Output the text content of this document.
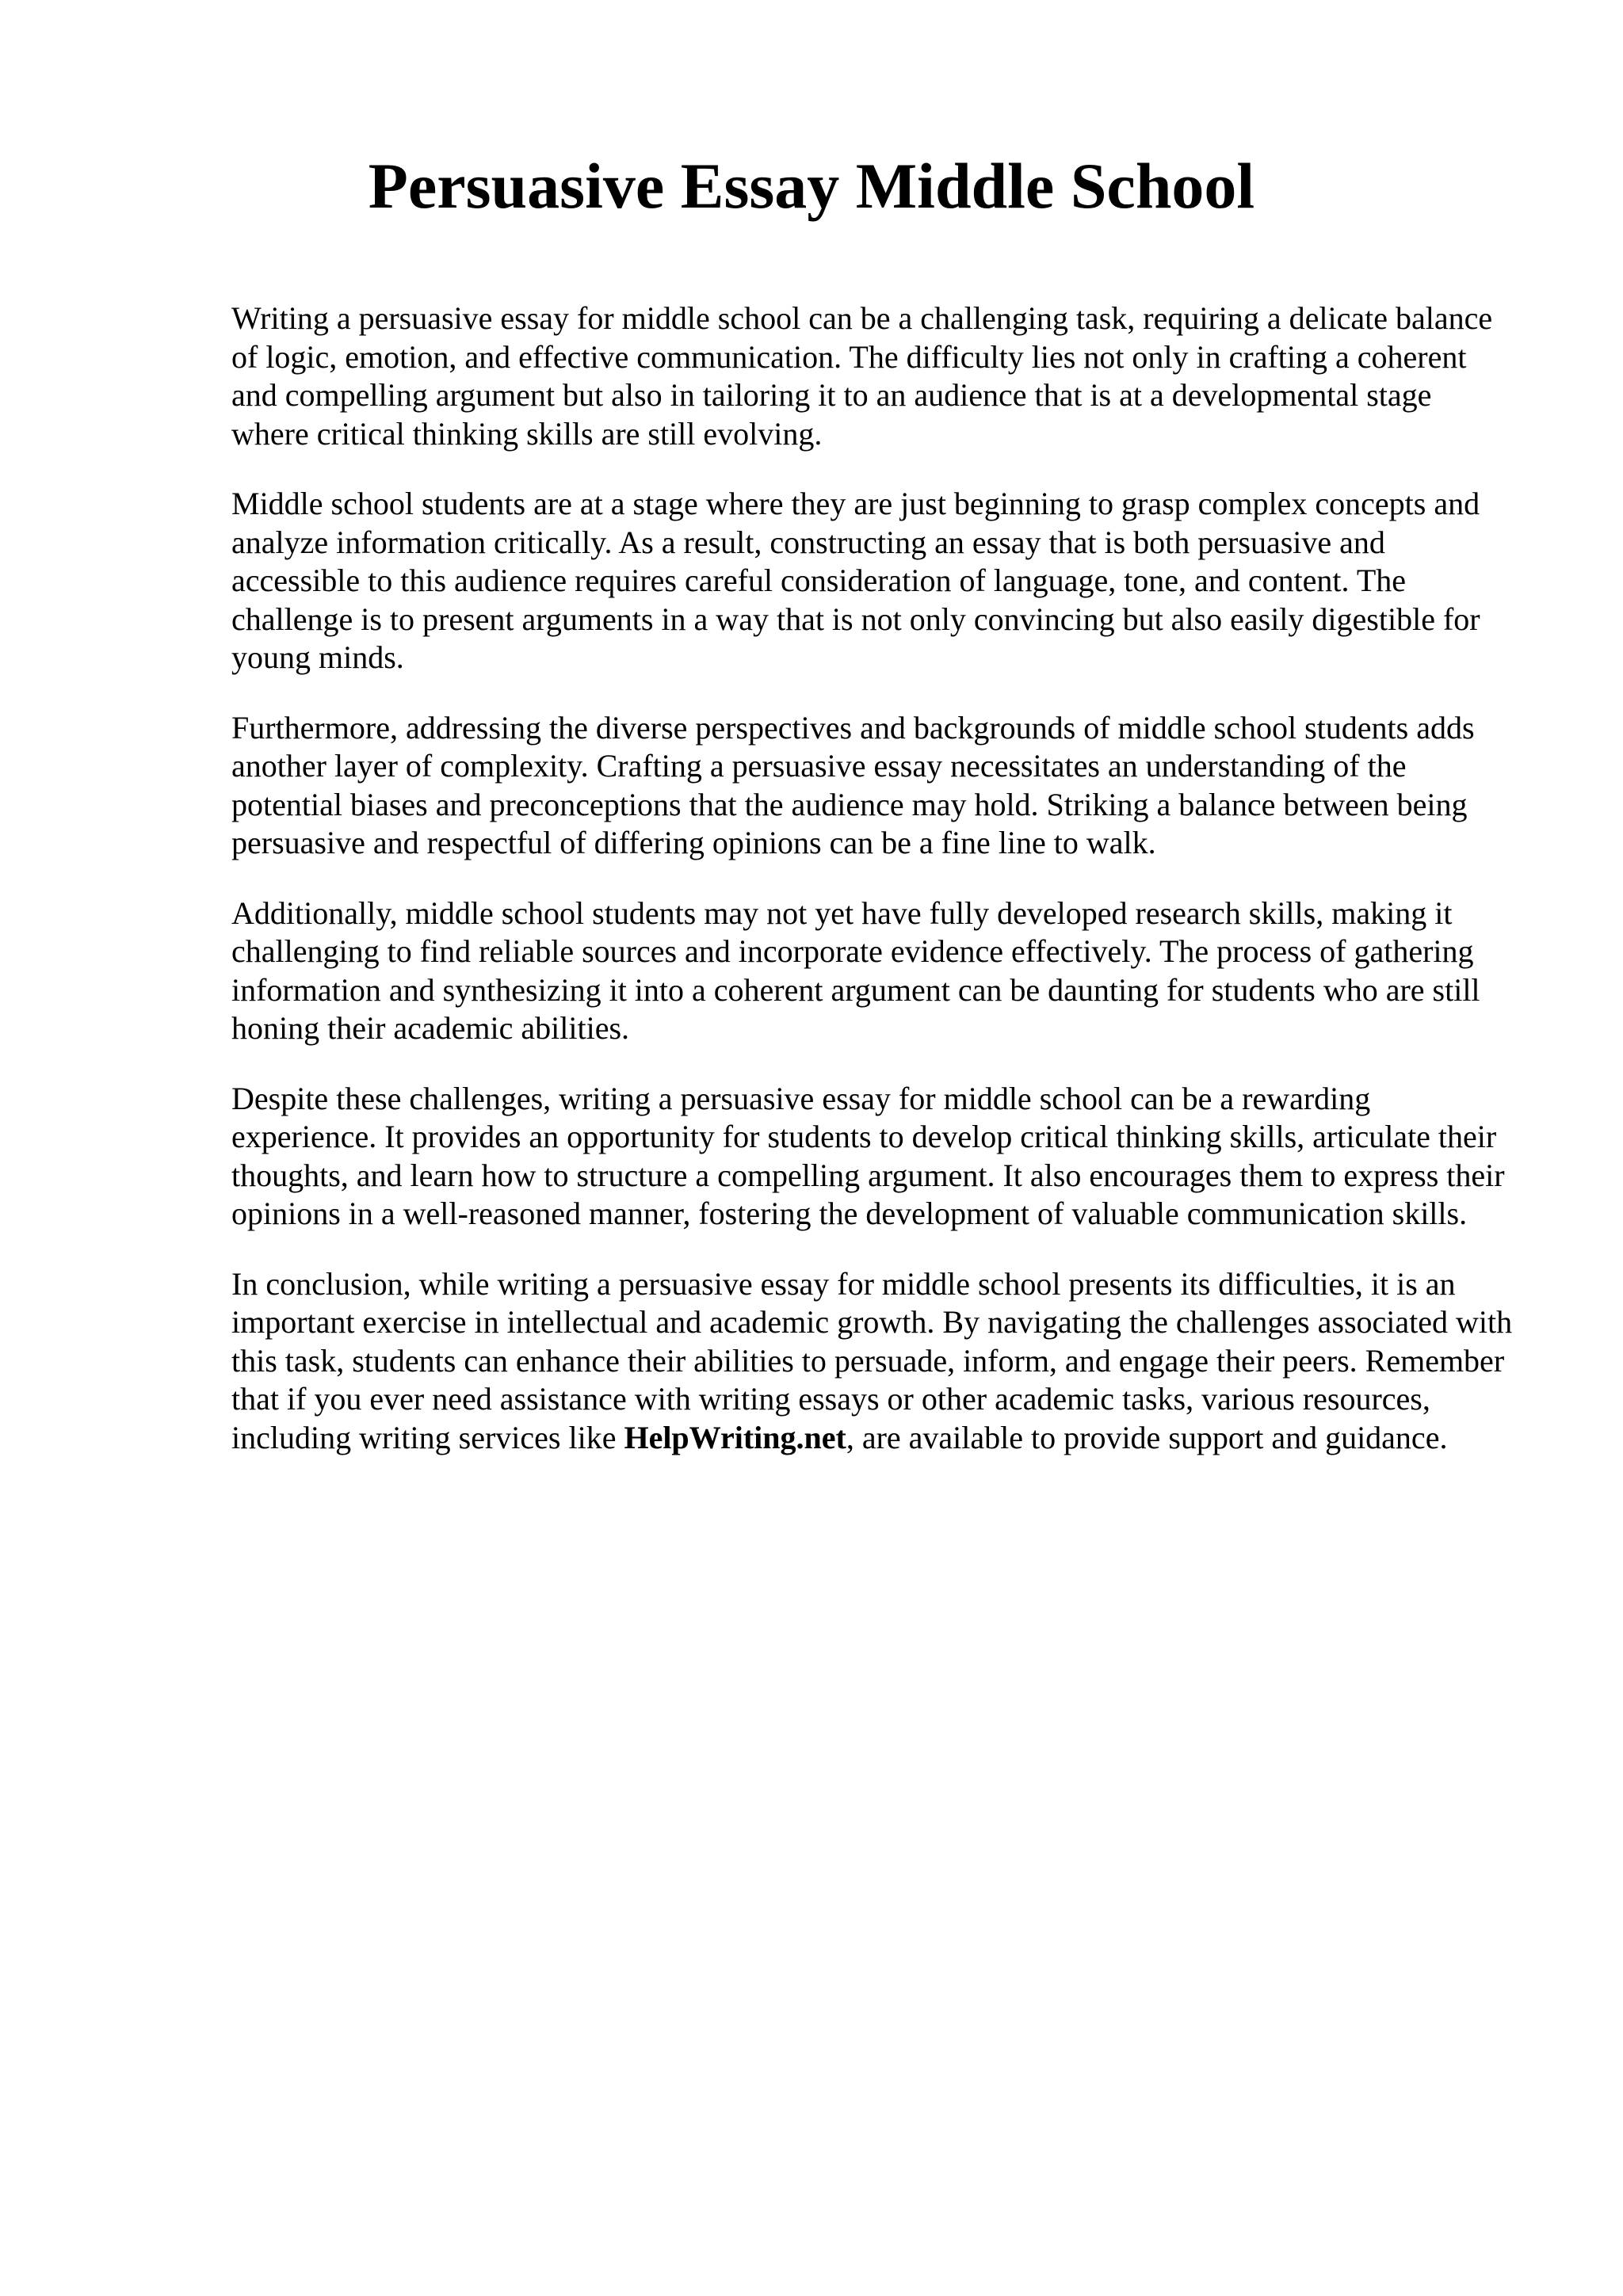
Persuasive Essay Middle School

Writing a persuasive essay for middle school can be a challenging task, requiring a delicate balance of logic, emotion, and effective communication. The difficulty lies not only in crafting a coherent and compelling argument but also in tailoring it to an audience that is at a developmental stage where critical thinking skills are still evolving.

Middle school students are at a stage where they are just beginning to grasp complex concepts and analyze information critically. As a result, constructing an essay that is both persuasive and accessible to this audience requires careful consideration of language, tone, and content. The challenge is to present arguments in a way that is not only convincing but also easily digestible for young minds.

Furthermore, addressing the diverse perspectives and backgrounds of middle school students adds another layer of complexity. Crafting a persuasive essay necessitates an understanding of the potential biases and preconceptions that the audience may hold. Striking a balance between being persuasive and respectful of differing opinions can be a fine line to walk.

Additionally, middle school students may not yet have fully developed research skills, making it challenging to find reliable sources and incorporate evidence effectively. The process of gathering information and synthesizing it into a coherent argument can be daunting for students who are still honing their academic abilities.

Despite these challenges, writing a persuasive essay for middle school can be a rewarding experience. It provides an opportunity for students to develop critical thinking skills, articulate their thoughts, and learn how to structure a compelling argument. It also encourages them to express their opinions in a well-reasoned manner, fostering the development of valuable communication skills.

In conclusion, while writing a persuasive essay for middle school presents its difficulties, it is an important exercise in intellectual and academic growth. By navigating the challenges associated with this task, students can enhance their abilities to persuade, inform, and engage their peers. Remember that if you ever need assistance with writing essays or other academic tasks, various resources, including writing services like HelpWriting.net, are available to provide support and guidance.
